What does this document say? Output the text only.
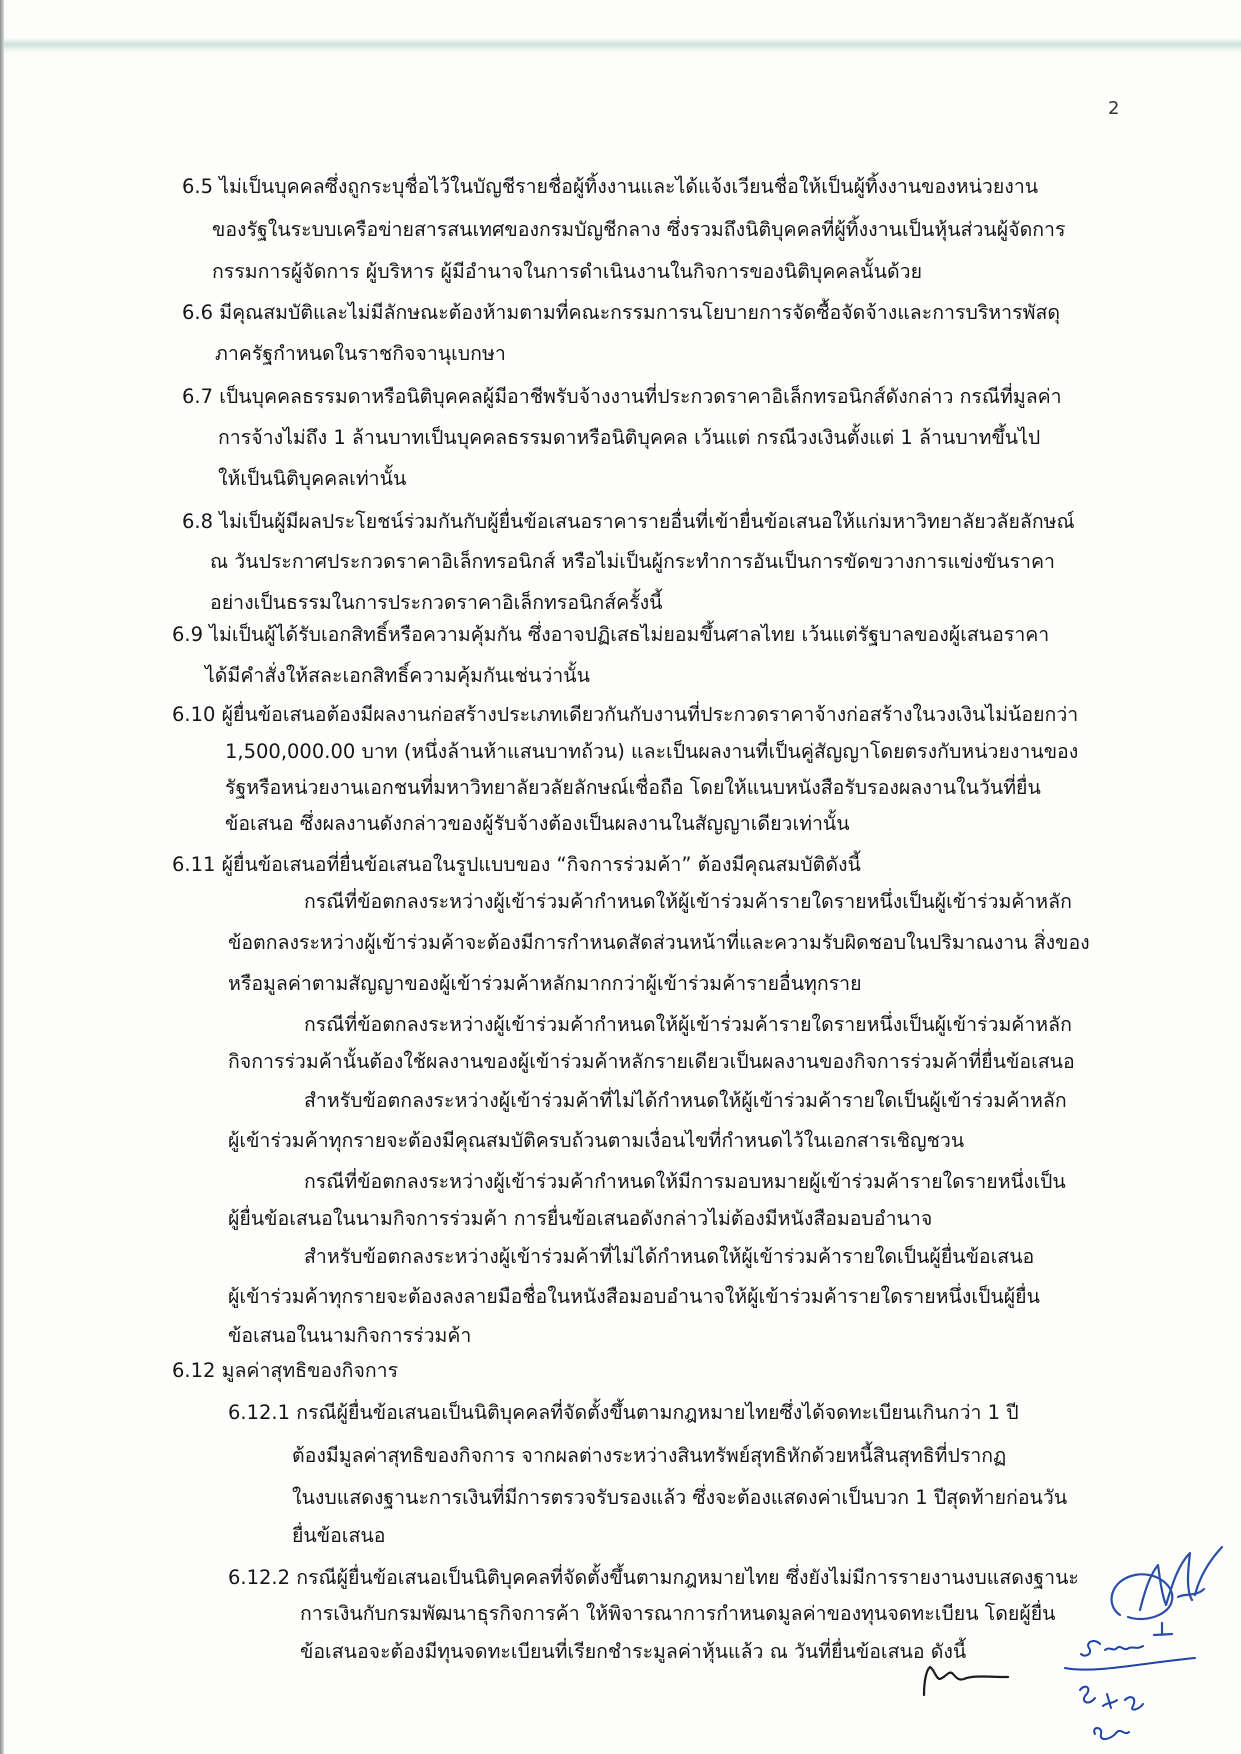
2
6.5 ไม่เป็นบุคคลซึ่งถูกระบุชื่อไว้ในบัญชีรายชื่อผู้ทิ้งงานและได้แจ้งเวียนชื่อให้เป็นผู้ทิ้งงานของหน่วยงาน
ของรัฐในระบบเครือข่ายสารสนเทศของกรมบัญชีกลาง ซึ่งรวมถึงนิติบุคคลที่ผู้ทิ้งงานเป็นหุ้นส่วนผู้จัดการ
กรรมการผู้จัดการ ผู้บริหาร ผู้มีอำนาจในการดำเนินงานในกิจการของนิติบุคคลนั้นด้วย
6.6 มีคุณสมบัติและไม่มีลักษณะต้องห้ามตามที่คณะกรรมการนโยบายการจัดซื้อจัดจ้างและการบริหารพัสดุ
ภาครัฐกำหนดในราชกิจจานุเบกษา
6.7 เป็นบุคคลธรรมดาหรือนิติบุคคลผู้มีอาชีพรับจ้างงานที่ประกวดราคาอิเล็กทรอนิกส์ดังกล่าว กรณีที่มูลค่า
การจ้างไม่ถึง 1 ล้านบาทเป็นบุคคลธรรมดาหรือนิติบุคคล เว้นแต่ กรณีวงเงินตั้งแต่ 1 ล้านบาทขึ้นไป
ให้เป็นนิติบุคคลเท่านั้น
6.8 ไม่เป็นผู้มีผลประโยชน์ร่วมกันกับผู้ยื่นข้อเสนอราคารายอื่นที่เข้ายื่นข้อเสนอให้แก่มหาวิทยาลัยวลัยลักษณ์
ณ วันประกาศประกวดราคาอิเล็กทรอนิกส์ หรือไม่เป็นผู้กระทำการอันเป็นการขัดขวางการแข่งขันราคา
อย่างเป็นธรรมในการประกวดราคาอิเล็กทรอนิกส์ครั้งนี้
6.9 ไม่เป็นผู้ได้รับเอกสิทธิ์หรือความคุ้มกัน ซึ่งอาจปฏิเสธไม่ยอมขึ้นศาลไทย เว้นแต่รัฐบาลของผู้เสนอราคา
ได้มีคำสั่งให้สละเอกสิทธิ์ความคุ้มกันเช่นว่านั้น
6.10 ผู้ยื่นข้อเสนอต้องมีผลงานก่อสร้างประเภทเดียวกันกับงานที่ประกวดราคาจ้างก่อสร้างในวงเงินไม่น้อยกว่า
1,500,000.00 บาท (หนึ่งล้านห้าแสนบาทถ้วน) และเป็นผลงานที่เป็นคู่สัญญาโดยตรงกับหน่วยงานของ
รัฐหรือหน่วยงานเอกชนที่มหาวิทยาลัยวลัยลักษณ์เชื่อถือ โดยให้แนบหนังสือรับรองผลงานในวันที่ยื่น
ข้อเสนอ ซึ่งผลงานดังกล่าวของผู้รับจ้างต้องเป็นผลงานในสัญญาเดียวเท่านั้น
6.11 ผู้ยื่นข้อเสนอที่ยื่นข้อเสนอในรูปแบบของ “กิจการร่วมค้า” ต้องมีคุณสมบัติดังนี้
กรณีที่ข้อตกลงระหว่างผู้เข้าร่วมค้ากำหนดให้ผู้เข้าร่วมค้ารายใดรายหนึ่งเป็นผู้เข้าร่วมค้าหลัก
ข้อตกลงระหว่างผู้เข้าร่วมค้าจะต้องมีการกำหนดสัดส่วนหน้าที่และความรับผิดชอบในปริมาณงาน สิ่งของ
หรือมูลค่าตามสัญญาของผู้เข้าร่วมค้าหลักมากกว่าผู้เข้าร่วมค้ารายอื่นทุกราย
กรณีที่ข้อตกลงระหว่างผู้เข้าร่วมค้ากำหนดให้ผู้เข้าร่วมค้ารายใดรายหนึ่งเป็นผู้เข้าร่วมค้าหลัก
กิจการร่วมค้านั้นต้องใช้ผลงานของผู้เข้าร่วมค้าหลักรายเดียวเป็นผลงานของกิจการร่วมค้าที่ยื่นข้อเสนอ
สำหรับข้อตกลงระหว่างผู้เข้าร่วมค้าที่ไม่ได้กำหนดให้ผู้เข้าร่วมค้ารายใดเป็นผู้เข้าร่วมค้าหลัก
ผู้เข้าร่วมค้าทุกรายจะต้องมีคุณสมบัติครบถ้วนตามเงื่อนไขที่กำหนดไว้ในเอกสารเชิญชวน
กรณีที่ข้อตกลงระหว่างผู้เข้าร่วมค้ากำหนดให้มีการมอบหมายผู้เข้าร่วมค้ารายใดรายหนึ่งเป็น
ผู้ยื่นข้อเสนอในนามกิจการร่วมค้า การยื่นข้อเสนอดังกล่าวไม่ต้องมีหนังสือมอบอำนาจ
สำหรับข้อตกลงระหว่างผู้เข้าร่วมค้าที่ไม่ได้กำหนดให้ผู้เข้าร่วมค้ารายใดเป็นผู้ยื่นข้อเสนอ
ผู้เข้าร่วมค้าทุกรายจะต้องลงลายมือชื่อในหนังสือมอบอำนาจให้ผู้เข้าร่วมค้ารายใดรายหนึ่งเป็นผู้ยื่น
ข้อเสนอในนามกิจการร่วมค้า
6.12 มูลค่าสุทธิของกิจการ
6.12.1 กรณีผู้ยื่นข้อเสนอเป็นนิติบุคคลที่จัดตั้งขึ้นตามกฎหมายไทยซึ่งได้จดทะเบียนเกินกว่า 1 ปี
ต้องมีมูลค่าสุทธิของกิจการ จากผลต่างระหว่างสินทรัพย์สุทธิหักด้วยหนี้สินสุทธิที่ปรากฏ
ในงบแสดงฐานะการเงินที่มีการตรวจรับรองแล้ว ซึ่งจะต้องแสดงค่าเป็นบวก 1 ปีสุดท้ายก่อนวัน
ยื่นข้อเสนอ
6.12.2 กรณีผู้ยื่นข้อเสนอเป็นนิติบุคคลที่จัดตั้งขึ้นตามกฎหมายไทย ซึ่งยังไม่มีการรายงานงบแสดงฐานะ
การเงินกับกรมพัฒนาธุรกิจการค้า ให้พิจารณาการกำหนดมูลค่าของทุนจดทะเบียน โดยผู้ยื่น
ข้อเสนอจะต้องมีทุนจดทะเบียนที่เรียกชำระมูลค่าหุ้นแล้ว ณ วันที่ยื่นข้อเสนอ ดังนี้
